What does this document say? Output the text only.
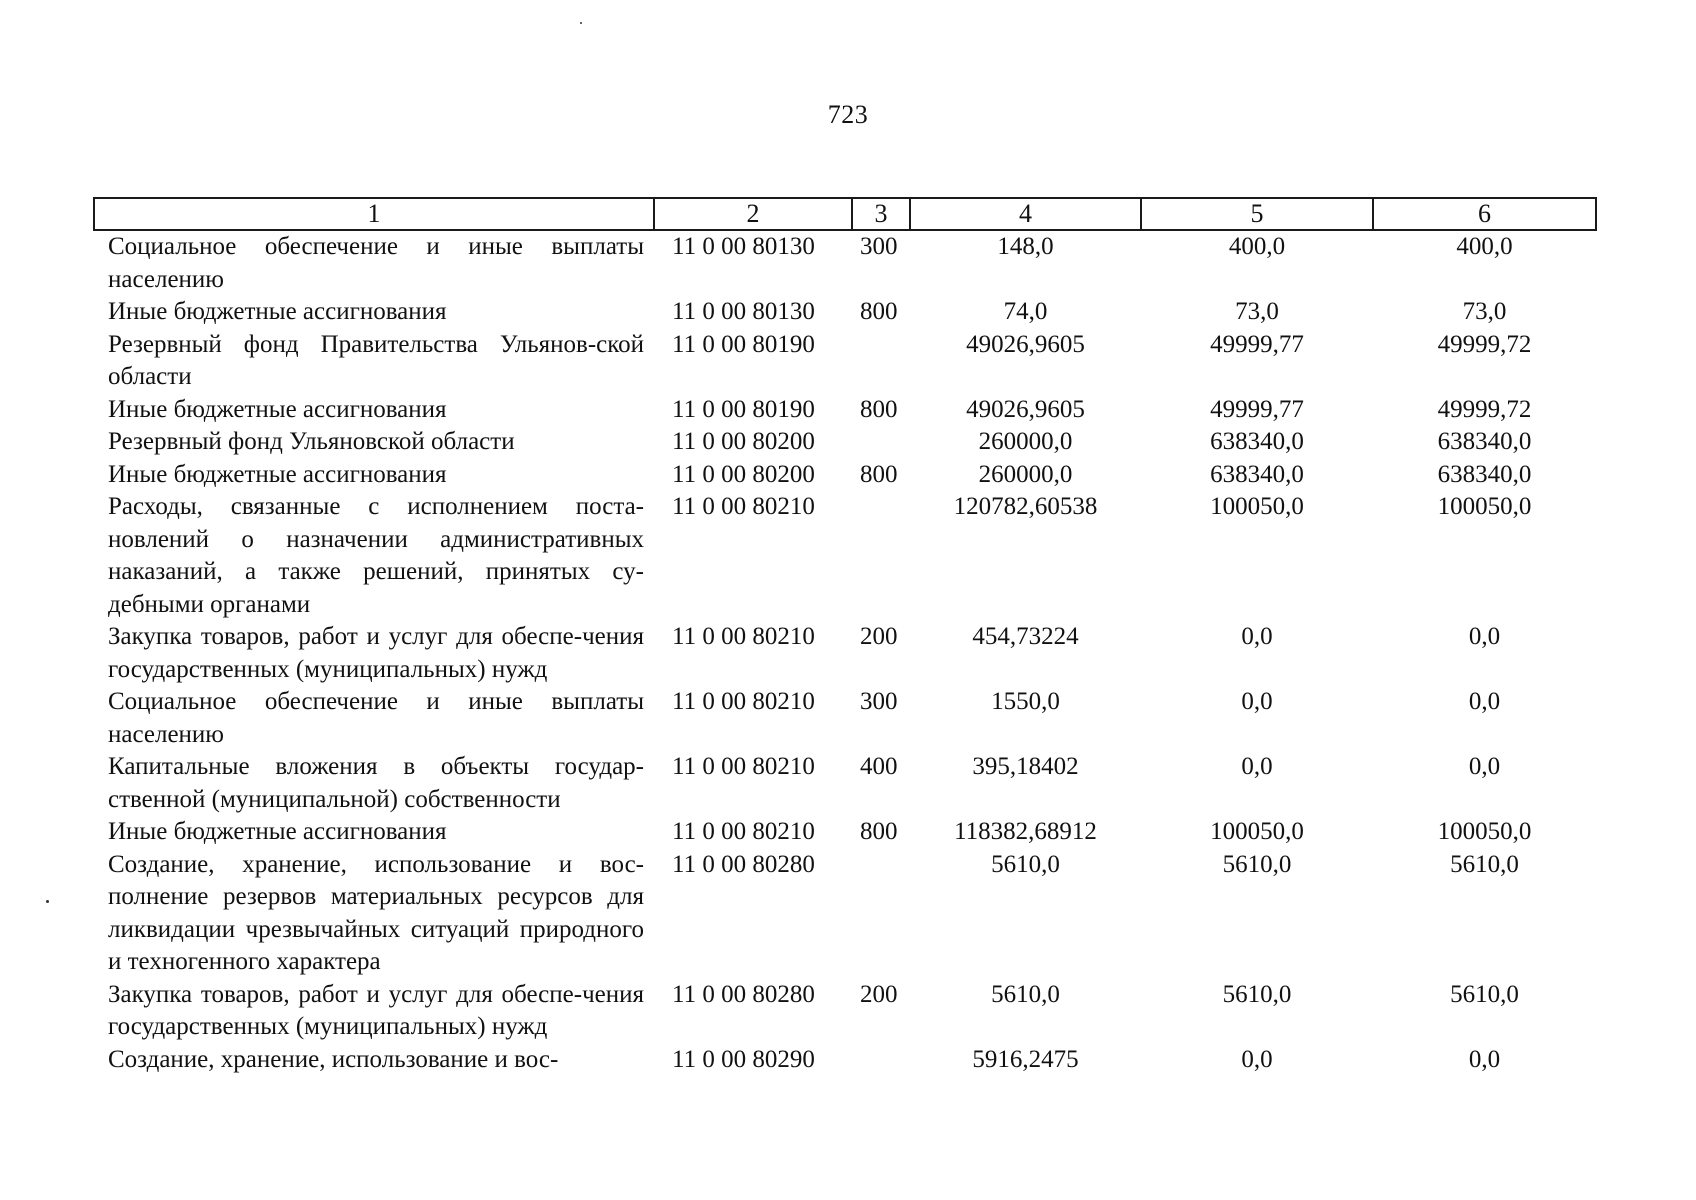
723
1	2	3	4	5	6
Социальное обеспечение и иные выплаты населению	11 0 00 80130	300	148,0	400,0	400,0
Иные бюджетные ассигнования	11 0 00 80130	800	74,0	73,0	73,0
Резервный фонд Правительства Ульянов-ской области	11 0 00 80190		49026,9605	49999,77	49999,72
Иные бюджетные ассигнования	11 0 00 80190	800	49026,9605	49999,77	49999,72
Резервный фонд Ульяновской области	11 0 00 80200		260000,0	638340,0	638340,0
Иные бюджетные ассигнования	11 0 00 80200	800	260000,0	638340,0	638340,0
Расходы, связанные с исполнением поста-новлений о назначении административных наказаний, а также решений, принятых су-дебными органами	11 0 00 80210		120782,60538	100050,0	100050,0
Закупка товаров, работ и услуг для обеспе-чения государственных (муниципальных) нужд	11 0 00 80210	200	454,73224	0,0	0,0
Социальное обеспечение и иные выплаты населению	11 0 00 80210	300	1550,0	0,0	0,0
Капитальные вложения в объекты государ-ственной (муниципальной) собственности	11 0 00 80210	400	395,18402	0,0	0,0
Иные бюджетные ассигнования	11 0 00 80210	800	118382,68912	100050,0	100050,0
Создание, хранение, использование и вос-полнение резервов материальных ресурсов для ликвидации чрезвычайных ситуаций природного и техногенного характера	11 0 00 80280		5610,0	5610,0	5610,0
Закупка товаров, работ и услуг для обеспе-чения государственных (муниципальных) нужд	11 0 00 80280	200	5610,0	5610,0	5610,0
Создание, хранение, использование и вос-	11 0 00 80290		5916,2475	0,0	0,0
